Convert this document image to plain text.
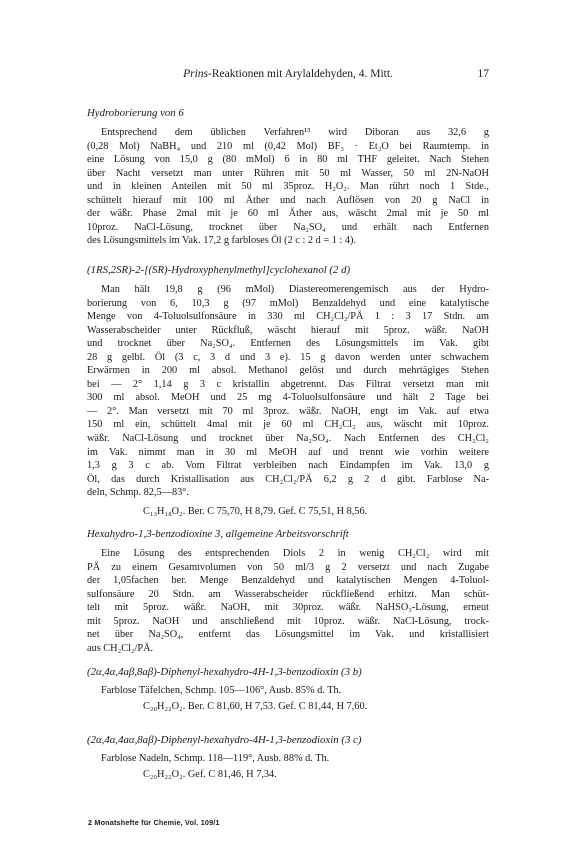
Prins-Reaktionen mit Arylaldehyden, 4. Mitt.	17

Hydroborierung von 6

Entsprechend dem üblichen Verfahren¹³ wird Diboran aus 32,6 g
(0,28 Mol) NaBH₄ und 210 ml (0,42 Mol) BF₃ · Et₂O bei Raumtemp. in
eine Lösung von 15,0 g (80 mMol) 6 in 80 ml THF geleitet. Nach Stehen
über Nacht versetzt man unter Rühren mit 50 ml Wasser, 50 ml 2N-NaOH
und in kleinen Anteilen mit 50 ml 35proz. H₂O₂. Man rührt noch 1 Stde.,
schüttelt hierauf mit 100 ml Äther und nach Auflösen von 20 g NaCl in
der wäßr. Phase 2mal mit je 60 ml Äther aus, wäscht 2mal mit je 50 ml
10proz. NaCl-Lösung, trocknet über Na₂SO₄ und erhält nach Entfernen
des Lösungsmittels im Vak. 17,2 g farbloses Öl (2 c : 2 d = 1 : 4).

(1RS,2SR)-2-[(SR)-Hydroxyphenylmethyl]cyclohexanol (2 d)

Man hält 19,8 g (96 mMol) Diastereomerengemisch aus der Hydro-
borierung von 6, 10,3 g (97 mMol) Benzaldehyd und eine katalytische
Menge von 4-Toluolsulfonsäure in 330 ml CH₂Cl₂/PÄ 1 : 3 17 Stdn. am
Wasserabscheider unter Rückfluß, wäscht hierauf mit 5proz. wäßr. NaOH
und trocknet über Na₂SO₄. Entfernen des Lösungsmittels im Vak. gibt
28 g gelbl. Öl (3 c, 3 d und 3 e). 15 g davon werden unter schwachem
Erwärmen in 200 ml absol. Methanol gelöst und durch mehrtägiges Stehen
bei — 2° 1,14 g 3 c kristallin abgetrennt. Das Filtrat versetzt man mit
300 ml absol. MeOH und 25 mg 4-Toluolsulfonsäure und hält 2 Tage bei
— 2°. Man versetzt mit 70 ml 3proz. wäßr. NaOH, engt im Vak. auf etwa
150 ml ein, schüttelt 4mal mit je 60 ml CH₂Cl₂ aus, wäscht mit 10proz.
wäßr. NaCl-Lösung und trocknet über Na₂SO₄. Nach Entfernen des CH₂Cl₂
im Vak. nimmt man in 30 ml MeOH auf und trennt wie vorhin weitere
1,3 g 3 c ab. Vom Filtrat verbleiben nach Eindampfen im Vak. 13,0 g
Öl, das durch Kristallisation aus CH₂Cl₂/PÄ 6,2 g 2 d gibt. Farblose Na-
deln, Schmp. 82,5—83°.

C₁₃H₁₈O₂. Ber. C 75,70, H 8,79. Gef. C 75,51, H 8,56.

Hexahydro-1,3-benzodioxine 3, allgemeine Arbeitsvorschrift

Eine Lösung des entsprechenden Diols 2 in wenig CH₂Cl₂ wird mit
PÄ zu einem Gesamtvolumen von 50 ml/3 g 2 versetzt und nach Zugabe
der 1,05fachen ber. Menge Benzaldehyd und katalytischen Mengen 4-Toluol-
sulfonsäure 20 Stdn. am Wasserabscheider rückfließend erhitzt. Man schüt-
telt mit 5proz. wäßr. NaOH, mit 30proz. wäßr. NaHSO₃-Lösung, erneut
mit 5proz. NaOH und anschließend mit 10proz. wäßr. NaCl-Lösung, trock-
net über Na₂SO₄, entfernt das Lösungsmittel im Vak. und kristallisiert
aus CH₂Cl₂/PÄ.

(2α,4α,4aβ,8aβ)-Diphenyl-hexahydro-4H-1,3-benzodioxin (3 b)

Farblose Täfelchen, Schmp. 105—106°, Ausb. 85% d. Th.

C₂₀H₂₂O₂. Ber. C 81,60, H 7,53. Gef. C 81,44, H 7,60.

(2α,4α,4aα,8aβ)-Diphenyl-hexahydro-4H-1,3-benzodioxin (3 c)

Farblose Nadeln, Schmp. 118—119°, Ausb. 88% d. Th.

C₂₀H₂₂O₂. Gef. C 81,46, H 7,34.

2 Monatshefte für Chemie, Vol. 109/1
